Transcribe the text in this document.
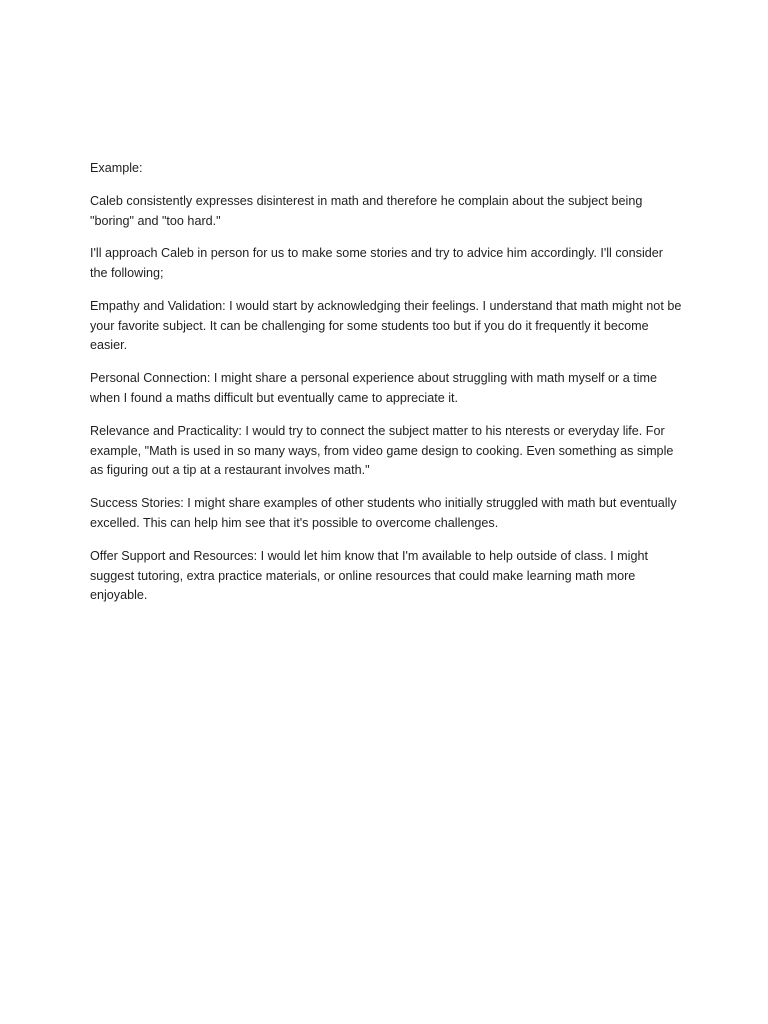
Example:

Caleb consistently expresses disinterest in math and therefore he complain about the subject being "boring" and "too hard."

I'll approach Caleb in person for us to make some stories and try to advice him accordingly. I'll consider the following;

Empathy and Validation: I would start by acknowledging their feelings. I understand that math might not be your favorite subject. It can be challenging for some students too but if you do it frequently it become easier.

Personal Connection: I might share a personal experience about struggling with math myself or a time when I found a maths difficult but eventually came to appreciate it.

Relevance and Practicality: I would try to connect the subject matter to his nterests or everyday life. For example, "Math is used in so many ways, from video game design to cooking. Even something as simple as figuring out a tip at a restaurant involves math."

Success Stories: I might share examples of other students who initially struggled with math but eventually excelled. This can help him see that it's possible to overcome challenges.

Offer Support and Resources: I would let him know that I'm available to help outside of class. I might suggest tutoring, extra practice materials, or online resources that could make learning math more enjoyable.
